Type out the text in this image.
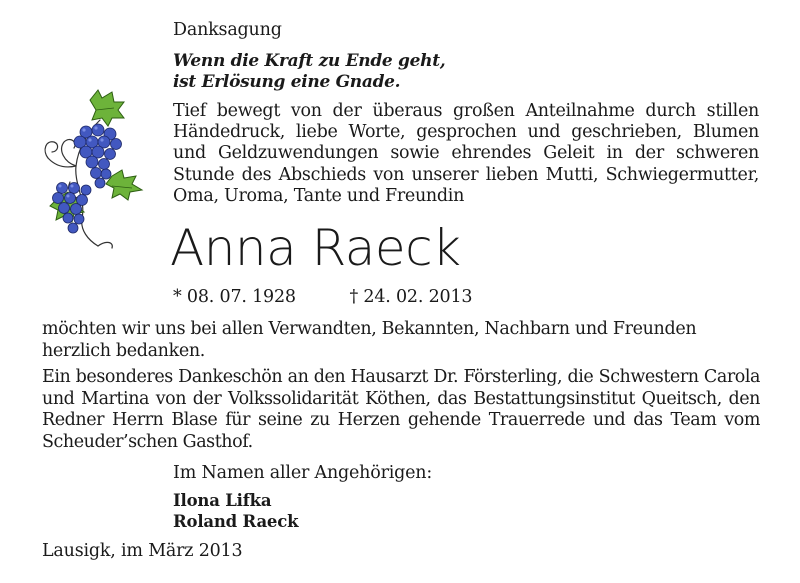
Danksagung
Wenn die Kraft zu Ende geht,
ist Erlösung eine Gnade.
Tief bewegt von der überaus großen Anteilnahme durch stillen Händedruck, liebe Worte, gesprochen und geschrieben, Blumen und Geldzuwendungen sowie ehrendes Geleit in der schweren Stunde des Abschieds von unserer lieben Mutti, Schwiegermutter, Oma, Uroma, Tante und Freundin
Anna Raeck
* 08. 07. 1928	† 24. 02. 2013
möchten wir uns bei allen Verwandten, Bekannten, Nachbarn und Freunden herzlich bedanken.
Ein besonderes Dankeschön an den Hausarzt Dr. Försterling, die Schwestern Carola und Martina von der Volkssolidarität Köthen, das Bestattungsinstitut Queitsch, den Redner Herrn Blase für seine zu Herzen gehende Trauerrede und das Team vom Scheuder’schen Gasthof.
Im Namen aller Angehörigen:
Ilona Lifka
Roland Raeck
Lausigk, im März 2013
